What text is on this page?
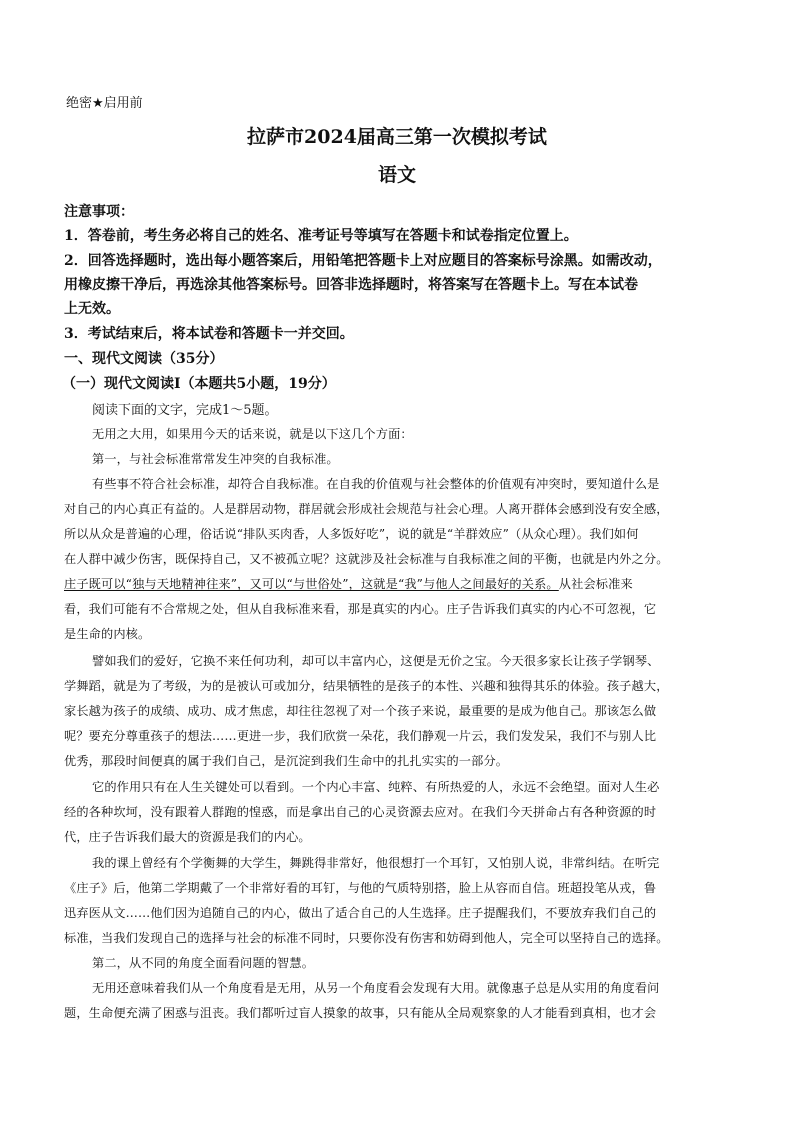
绝密★启用前
拉萨市2024届高三第一次模拟考试
语文
注意事项：
1．答卷前，考生务必将自己的姓名、准考证号等填写在答题卡和试卷指定位置上。
2．回答选择题时，选出每小题答案后，用铅笔把答题卡上对应题目的答案标号涂黑。如需改动，
用橡皮擦干净后，再选涂其他答案标号。回答非选择题时，将答案写在答题卡上。写在本试卷
上无效。
3．考试结束后，将本试卷和答题卡一并交回。
一、现代文阅读（35分）
（一）现代文阅读Ⅰ（本题共5小题，19分）
阅读下面的文字，完成1～5题。
无用之大用，如果用今天的话来说，就是以下这几个方面：
第一，与社会标准常常发生冲突的自我标准。
有些事不符合社会标准，却符合自我标准。在自我的价值观与社会整体的价值观有冲突时，要知道什么是
对自己的内心真正有益的。人是群居动物，群居就会形成社会规范与社会心理。人离开群体会感到没有安全感，
所以从众是普遍的心理，俗话说“排队买肉香，人多饭好吃”，说的就是“羊群效应”（从众心理）。我们如何
在人群中减少伤害，既保持自己，又不被孤立呢？这就涉及社会标准与自我标准之间的平衡，也就是内外之分。
庄子既可以“独与天地精神往来”，又可以“与世俗处”，这就是“我”与他人之间最好的关系。从社会标准来
看，我们可能有不合常规之处，但从自我标准来看，那是真实的内心。庄子告诉我们真实的内心不可忽视，它
是生命的内核。
譬如我们的爱好，它换不来任何功利，却可以丰富内心，这便是无价之宝。今天很多家长让孩子学钢琴、
学舞蹈，就是为了考级，为的是被认可或加分，结果牺牲的是孩子的本性、兴趣和独得其乐的体验。孩子越大，
家长越为孩子的成绩、成功、成才焦虑，却往往忽视了对一个孩子来说，最重要的是成为他自己。那该怎么做
呢？要充分尊重孩子的想法……更进一步，我们欣赏一朵花，我们静观一片云，我们发发呆，我们不与别人比
优秀，那段时间便真的属于我们自己，是沉淀到我们生命中的扎扎实实的一部分。
它的作用只有在人生关键处可以看到。一个内心丰富、纯粹、有所热爱的人，永远不会绝望。面对人生必
经的各种坎坷，没有跟着人群跑的惶惑，而是拿出自己的心灵资源去应对。在我们今天拼命占有各种资源的时
代，庄子告诉我们最大的资源是我们的内心。
我的课上曾经有个学衡舞的大学生，舞跳得非常好，他很想打一个耳钉，又怕别人说，非常纠结。在听完
《庄子》后，他第二学期戴了一个非常好看的耳钉，与他的气质特别搭，脸上从容而自信。班超投笔从戎，鲁
迅弃医从文……他们因为追随自己的内心，做出了适合自己的人生选择。庄子提醒我们，不要放弃我们自己的
标准，当我们发现自己的选择与社会的标准不同时，只要你没有伤害和妨碍到他人，完全可以坚持自己的选择。
第二，从不同的角度全面看问题的智慧。
无用还意味着我们从一个角度看是无用，从另一个角度看会发现有大用。就像惠子总是从实用的角度看问
题，生命便充满了困惑与沮丧。我们都听过盲人摸象的故事，只有能从全局观察象的人才能看到真相，也才会
